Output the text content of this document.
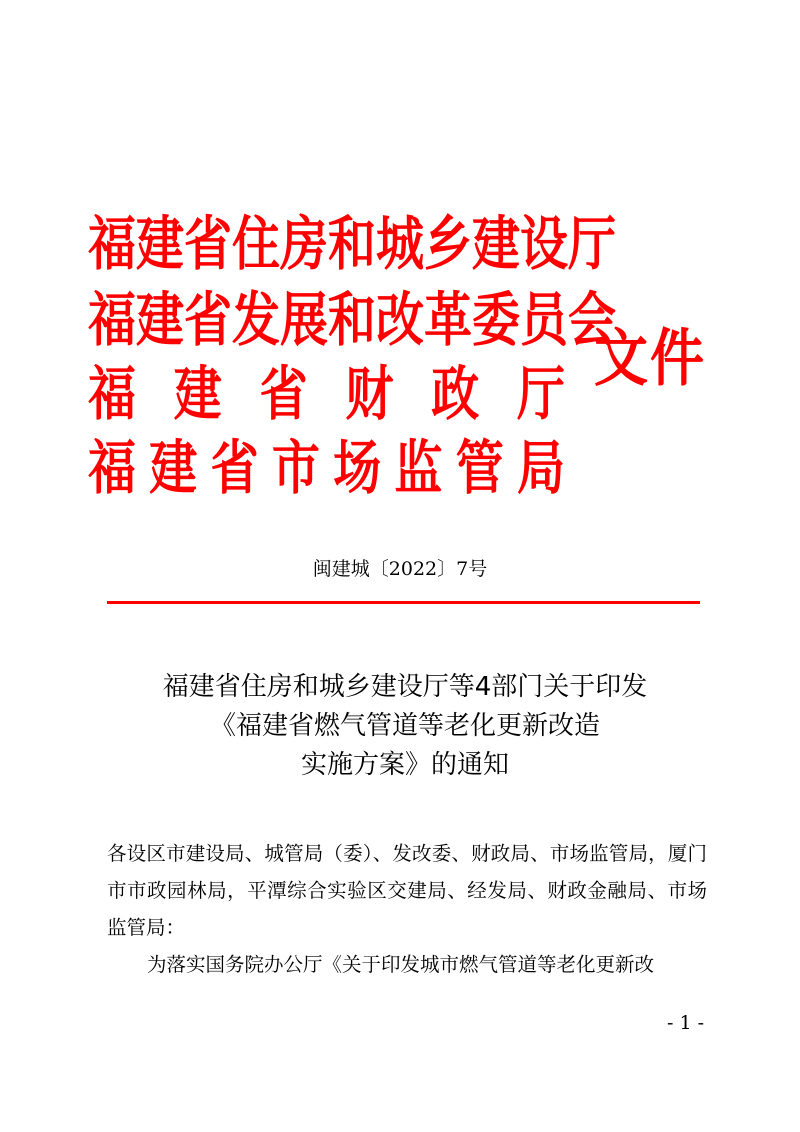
福建省住房和城乡建设厅
福建省发展和改革委员会
福建省财政厅
福建省市场监管局
文件
闽建城〔2022〕7号
福建省住房和城乡建设厅等4部门关于印发
《福建省燃气管道等老化更新改造
实施方案》的通知

各设区市建设局、城管局（委）、发改委、财政局、市场监管局，厦门市市政园林局，平潭综合实验区交建局、经发局、财政金融局、市场监管局：

为落实国务院办公厅《关于印发城市燃气管道等老化更新改

- 1 -
